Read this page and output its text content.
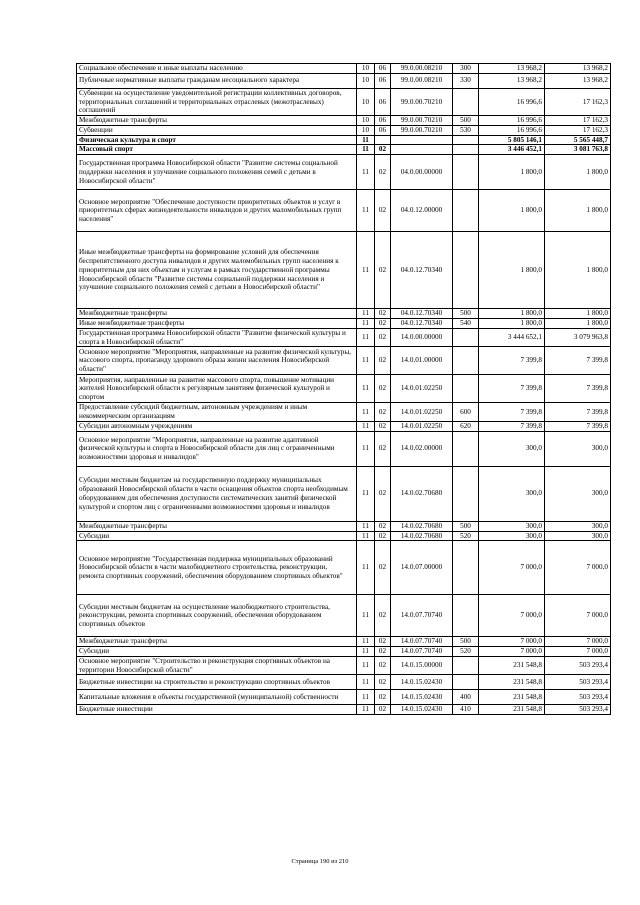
Социальное обеспечение и иные выплаты населению	10	06	99.0.00.08210	300	13 968,2	13 968,2
Публичные нормативные выплаты гражданам несоциального характера	10	06	99.0.00.08210	330	13 968,2	13 968,2
Субвенции на осуществление уведомительной регистрации коллективных договоров, территориальных соглашений и территориальных отраслевых (межотраслевых) соглашений	10	06	99.0.00.70210		16 996,6	17 162,3
Межбюджетные трансферты	10	06	99.0.00.70210	500	16 996,6	17 162,3
Субвенции	10	06	99.0.00.70210	530	16 996,6	17 162,3
Физическая культура и спорт	11				5 805 146,1	5 565 448,7
Массовый спорт	11	02			3 446 452,1	3 081 763,8
Государственная программа Новосибирской области "Развитие системы социальной поддержки населения и улучшение социального положения семей с детьми в Новосибирской области"	11	02	04.0.00.00000		1 800,0	1 800,0
Основное мероприятие "Обеспечение доступности приоритетных объектов и услуг в приоритетных сферах жизнедеятельности инвалидов и других маломобильных групп населения"	11	02	04.0.12.00000		1 800,0	1 800,0
Иные межбюджетные трансферты на формирование условий для обеспечения беспрепятственного доступа инвалидов и других маломобильных групп населения к приоритетным для них объектам и услугам в рамках государственной программы Новосибирской области "Развитие системы социальной поддержки населения и улучшение социального положения семей с детьми в Новосибирской области"	11	02	04.0.12.70340		1 800,0	1 800,0
Межбюджетные трансферты	11	02	04.0.12.70340	500	1 800,0	1 800,0
Иные межбюджетные трансферты	11	02	04.0.12.70340	540	1 800,0	1 800,0
Государственная программа Новосибирской области "Развитие физической культуры и спорта в Новосибирской области"	11	02	14.0.00.00000		3 444 652,1	3 079 963,8
Основное мероприятие "Мероприятия, направленные на развитие физической культуры, массового спорта, пропаганду здорового образа жизни населения Новосибирской области"	11	02	14.0.01.00000		7 399,8	7 399,8
Мероприятия, направленные на развитие массового спорта, повышение мотивации жителей Новосибирской области к регулярным занятиям физической культурой и спортом	11	02	14.0.01.02250		7 399,8	7 399,8
Предоставление субсидий бюджетным, автономным учреждениям и иным некоммерческим организациям	11	02	14.0.01.02250	600	7 399,8	7 399,8
Субсидии автономным учреждениям	11	02	14.0.01.02250	620	7 399,8	7 399,8
Основное мероприятие "Мероприятия, направленные на развитие адаптивной физической культуры и спорта в Новосибирской области для лиц с ограниченными возможностями здоровья и инвалидов"	11	02	14.0.02.00000		300,0	300,0
Субсидии местным бюджетам на государственную поддержку муниципальных образований Новосибирской области в части оснащения объектов спорта необходимым оборудованием для обеспечения доступности систематических занятий физической культурой и спортом лиц с ограниченными возможностями здоровья и инвалидов	11	02	14.0.02.70680		300,0	300,0
Межбюджетные трансферты	11	02	14.0.02.70680	500	300,0	300,0
Субсидии	11	02	14.0.02.70680	520	300,0	300,0
Основное мероприятие "Государственная поддержка муниципальных образований Новосибирской области в части малобюджетного строительства, реконструкции, ремонта спортивных сооружений, обеспечения оборудованием спортивных объектов"	11	02	14.0.07.00000		7 000,0	7 000,0
Субсидии местным бюджетам на осуществление малобюджетного строительства, реконструкции, ремонта спортивных сооружений, обеспечения оборудованием спортивных объектов	11	02	14.0.07.70740		7 000,0	7 000,0
Межбюджетные трансферты	11	02	14.0.07.70740	500	7 000,0	7 000,0
Субсидии	11	02	14.0.07.70740	520	7 000,0	7 000,0
Основное мероприятие "Строительство и реконструкция спортивных объектов на территории Новосибирской области"	11	02	14.0.15.00000		231 548,8	503 293,4
Бюджетные инвестиции на строительство и реконструкцию спортивных объектов	11	02	14.0.15.02430		231 548,8	503 293,4
Капитальные вложения в объекты государственной (муниципальной) собственности	11	02	14.0.15.02430	400	231 548,8	503 293,4
Бюджетные инвестиции	11	02	14.0.15.02430	410	231 548,8	503 293,4
Страница 190 из 210
